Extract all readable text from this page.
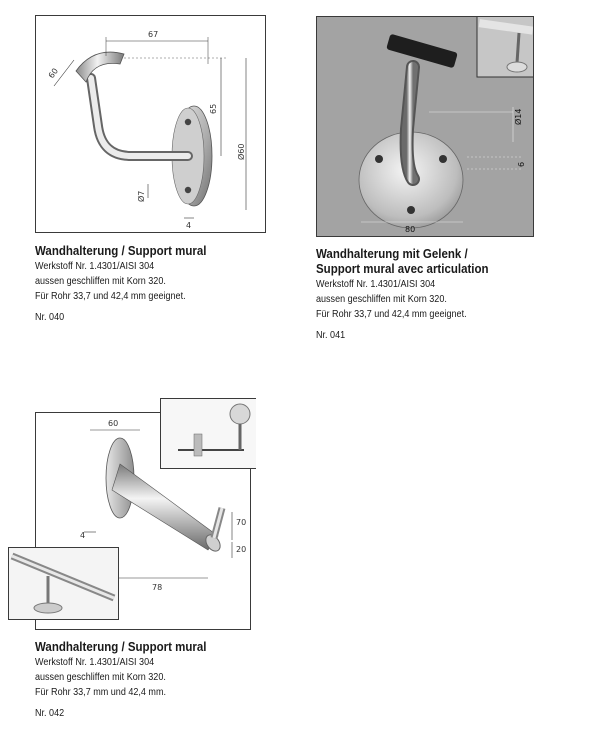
67
60
65
Ø60
Ø7
4
Wandhalterung / Support mural
Werkstoff Nr. 1.4301/AISI 304
aussen geschliffen mit Korn 320.
Für Rohr 33,7 und 42,4 mm geeignet.
Nr. 040
Ø14
6
80
Wandhalterung mit Gelenk /
Support mural avec articulation
Werkstoff Nr. 1.4301/AISI 304
aussen geschliffen mit Korn 320.
Für Rohr 33,7 und 42,4 mm geeignet.
Nr. 041
60
4
70
20
78
Wandhalterung / Support mural
Werkstoff Nr. 1.4301/AISI 304
aussen geschliffen mit Korn 320.
Für Rohr 33,7 mm und 42,4 mm.
Nr. 042
